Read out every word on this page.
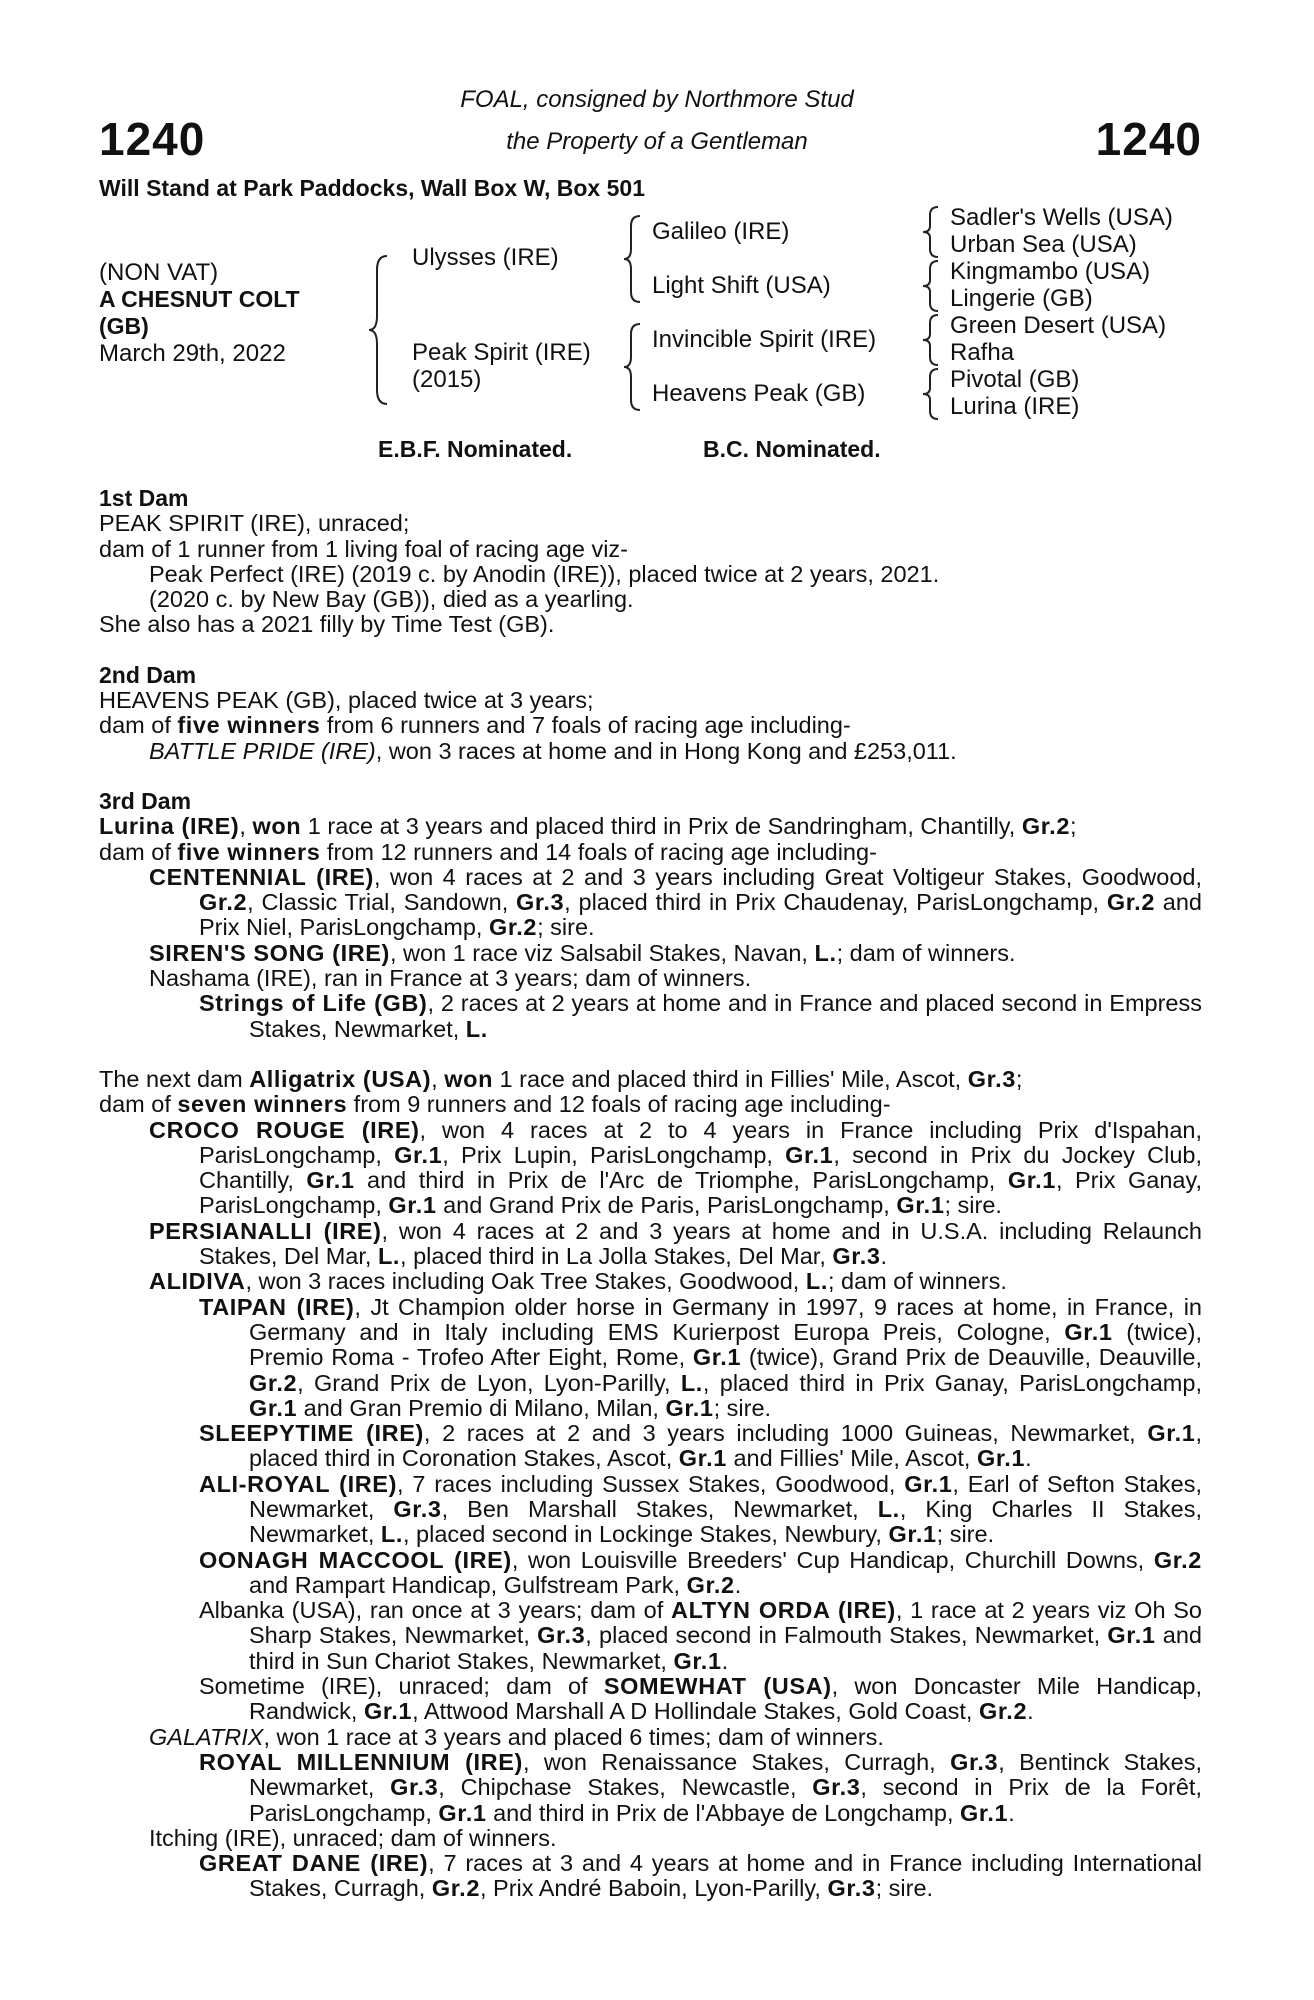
1240	1240
FOAL, consigned by Northmore Stud
the Property of a Gentleman
Will Stand at Park Paddocks, Wall Box W, Box 501
(NON VAT)
A CHESNUT COLT
(GB)
March 29th, 2022
Ulysses (IRE)
Peak Spirit (IRE)
(2015)
Galileo (IRE)
Light Shift (USA)
Invincible Spirit (IRE)
Heavens Peak (GB)
Sadler's Wells (USA)
Urban Sea (USA)
Kingmambo (USA)
Lingerie (GB)
Green Desert (USA)
Rafha
Pivotal (GB)
Lurina (IRE)
E.B.F. Nominated.	B.C. Nominated.

1st Dam

PEAK SPIRIT (IRE), unraced;

dam of 1 runner from 1 living foal of racing age viz-

Peak Perfect (IRE) (2019 c. by Anodin (IRE)), placed twice at 2 years, 2021.

(2020 c. by New Bay (GB)), died as a yearling.

She also has a 2021 filly by Time Test (GB).

2nd Dam

HEAVENS PEAK (GB), placed twice at 3 years;

dam of five winners from 6 runners and 7 foals of racing age including-

BATTLE PRIDE (IRE), won 3 races at home and in Hong Kong and £253,011.

3rd Dam

Lurina (IRE), won 1 race at 3 years and placed third in Prix de Sandringham, Chantilly, Gr.2;

dam of five winners from 12 runners and 14 foals of racing age including-

CENTENNIAL (IRE), won 4 races at 2 and 3 years including Great Voltigeur Stakes, Goodwood, Gr.2, Classic Trial, Sandown, Gr.3, placed third in Prix Chaudenay, ParisLongchamp, Gr.2 and Prix Niel, ParisLongchamp, Gr.2; sire.

SIREN'S SONG (IRE), won 1 race viz Salsabil Stakes, Navan, L.; dam of winners.

Nashama (IRE), ran in France at 3 years; dam of winners.

Strings of Life (GB), 2 races at 2 years at home and in France and placed second in Empress Stakes, Newmarket, L.

The next dam Alligatrix (USA), won 1 race and placed third in Fillies' Mile, Ascot, Gr.3;

dam of seven winners from 9 runners and 12 foals of racing age including-

CROCO ROUGE (IRE), won 4 races at 2 to 4 years in France including Prix d'Ispahan, ParisLongchamp, Gr.1, Prix Lupin, ParisLongchamp, Gr.1, second in Prix du Jockey Club, Chantilly, Gr.1 and third in Prix de l'Arc de Triomphe, ParisLongchamp, Gr.1, Prix Ganay, ParisLongchamp, Gr.1 and Grand Prix de Paris, ParisLongchamp, Gr.1; sire.

PERSIANALLI (IRE), won 4 races at 2 and 3 years at home and in U.S.A. including Relaunch Stakes, Del Mar, L., placed third in La Jolla Stakes, Del Mar, Gr.3.

ALIDIVA, won 3 races including Oak Tree Stakes, Goodwood, L.; dam of winners.

TAIPAN (IRE), Jt Champion older horse in Germany in 1997, 9 races at home, in France, in Germany and in Italy including EMS Kurierpost Europa Preis, Cologne, Gr.1 (twice), Premio Roma - Trofeo After Eight, Rome, Gr.1 (twice), Grand Prix de Deauville, Deauville, Gr.2, Grand Prix de Lyon, Lyon-Parilly, L., placed third in Prix Ganay, ParisLongchamp, Gr.1 and Gran Premio di Milano, Milan, Gr.1; sire.

SLEEPYTIME (IRE), 2 races at 2 and 3 years including 1000 Guineas, Newmarket, Gr.1, placed third in Coronation Stakes, Ascot, Gr.1 and Fillies' Mile, Ascot, Gr.1.

ALI-ROYAL (IRE), 7 races including Sussex Stakes, Goodwood, Gr.1, Earl of Sefton Stakes, Newmarket, Gr.3, Ben Marshall Stakes, Newmarket, L., King Charles II Stakes, Newmarket, L., placed second in Lockinge Stakes, Newbury, Gr.1; sire.

OONAGH MACCOOL (IRE), won Louisville Breeders' Cup Handicap, Churchill Downs, Gr.2 and Rampart Handicap, Gulfstream Park, Gr.2.

Albanka (USA), ran once at 3 years; dam of ALTYN ORDA (IRE), 1 race at 2 years viz Oh So Sharp Stakes, Newmarket, Gr.3, placed second in Falmouth Stakes, Newmarket, Gr.1 and third in Sun Chariot Stakes, Newmarket, Gr.1.

Sometime (IRE), unraced; dam of SOMEWHAT (USA), won Doncaster Mile Handicap, Randwick, Gr.1, Attwood Marshall A D Hollindale Stakes, Gold Coast, Gr.2.

GALATRIX, won 1 race at 3 years and placed 6 times; dam of winners.

ROYAL MILLENNIUM (IRE), won Renaissance Stakes, Curragh, Gr.3, Bentinck Stakes, Newmarket, Gr.3, Chipchase Stakes, Newcastle, Gr.3, second in Prix de la Forêt, ParisLongchamp, Gr.1 and third in Prix de l'Abbaye de Longchamp, Gr.1.

Itching (IRE), unraced; dam of winners.

GREAT DANE (IRE), 7 races at 3 and 4 years at home and in France including International Stakes, Curragh, Gr.2, Prix André Baboin, Lyon-Parilly, Gr.3; sire.
